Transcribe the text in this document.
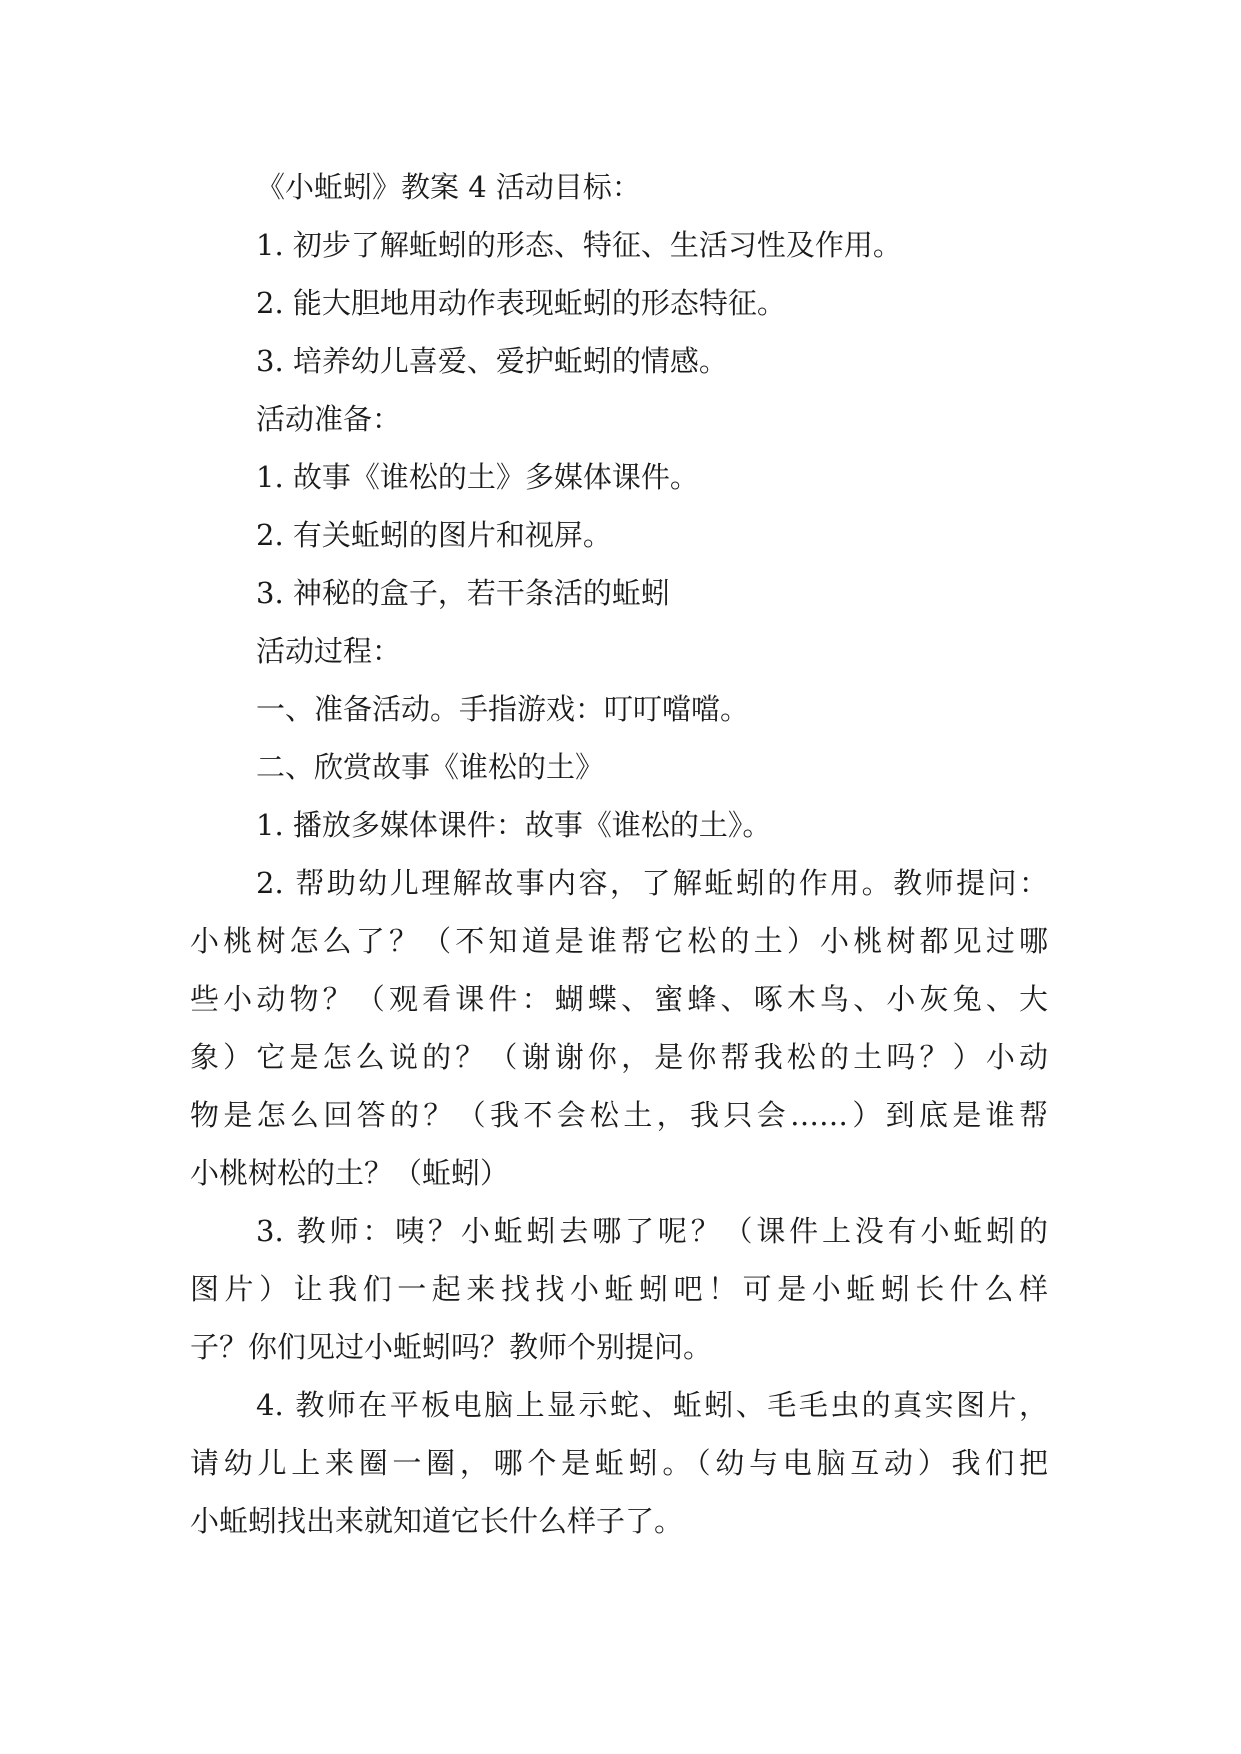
《小蚯蚓》教案 4 活动目标：
1. 初步了解蚯蚓的形态、特征、生活习性及作用。
2. 能大胆地用动作表现蚯蚓的形态特征。
3. 培养幼儿喜爱、爱护蚯蚓的情感。
活动准备：
1. 故事《谁松的土》多媒体课件。
2. 有关蚯蚓的图片和视屏。
3. 神秘的盒子，若干条活的蚯蚓
活动过程：
一、准备活动。手指游戏：叮叮噹噹。
二、欣赏故事《谁松的土》
1. 播放多媒体课件：故事《谁松的土》。
2. 帮助幼儿理解故事内容，了解蚯蚓的作用。教师提问：
小桃树怎么了？（不知道是谁帮它松的土）小桃树都见过哪
些小动物？（观看课件：蝴蝶、蜜蜂、啄木鸟、小灰兔、大
象）它是怎么说的？（谢谢你，是你帮我松的土吗？）小动
物是怎么回答的？（我不会松土，我只会……）到底是谁帮
小桃树松的土？（蚯蚓）
3. 教师：咦？小蚯蚓去哪了呢？（课件上没有小蚯蚓的
图片）让我们一起来找找小蚯蚓吧！可是小蚯蚓长什么样
子？你们见过小蚯蚓吗？教师个别提问。
4. 教师在平板电脑上显示蛇、蚯蚓、毛毛虫的真实图片，
请幼儿上来圈一圈，哪个是蚯蚓。（幼与电脑互动）我们把
小蚯蚓找出来就知道它长什么样子了。
